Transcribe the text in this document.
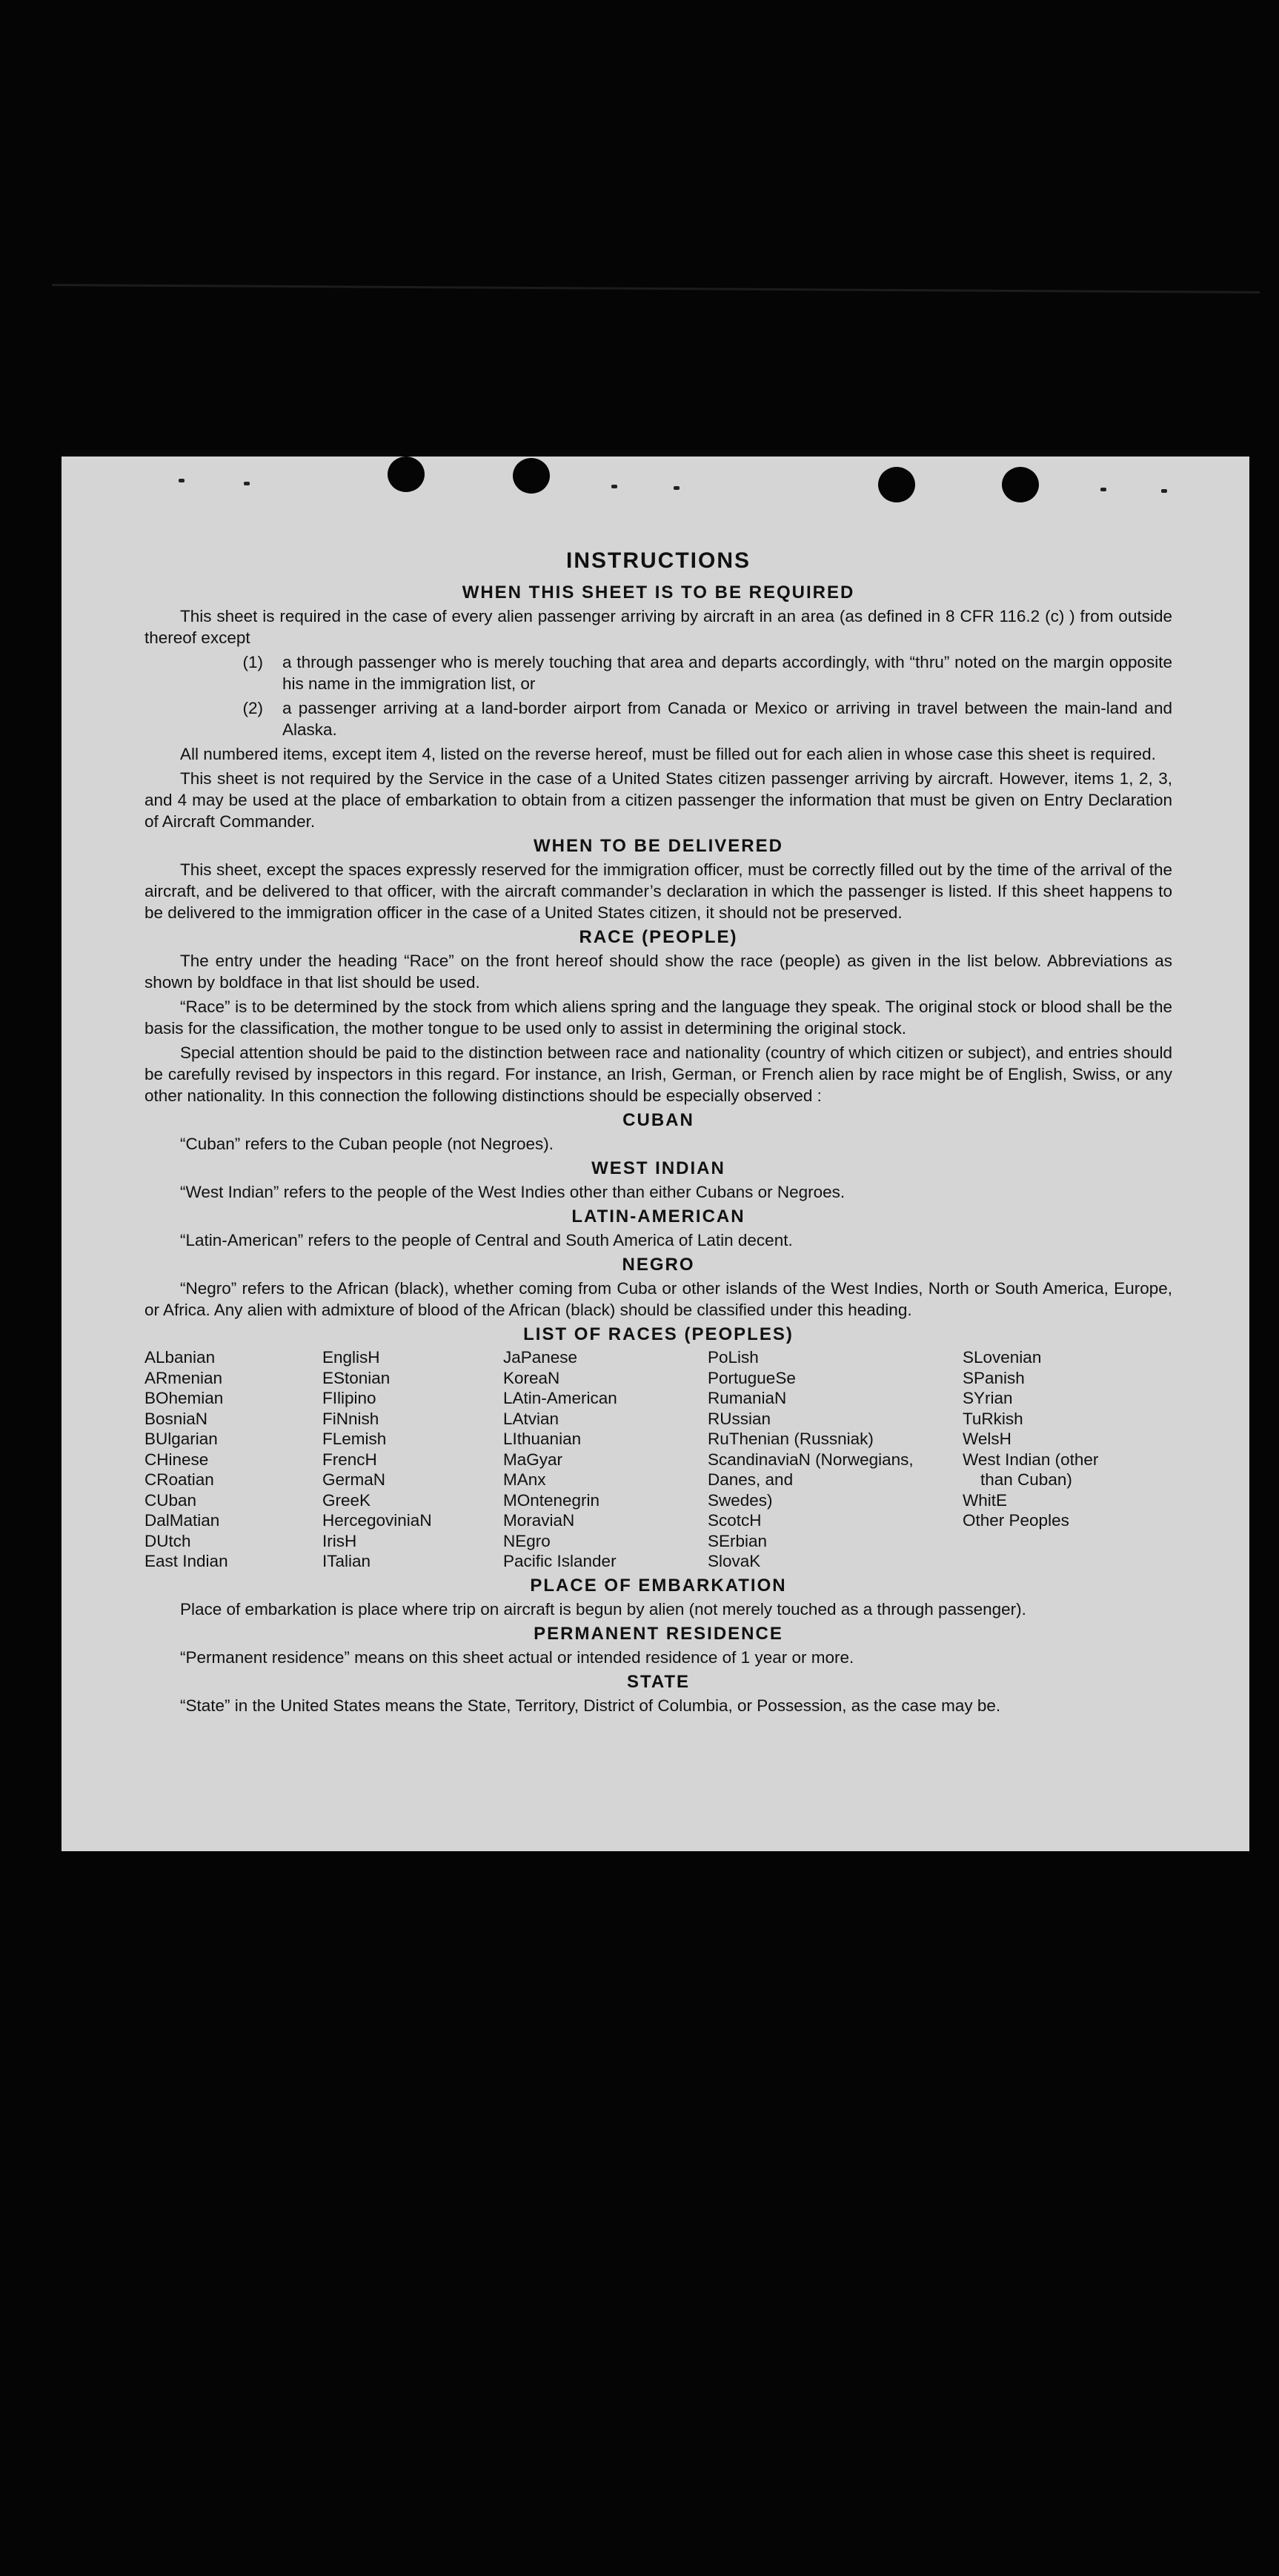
INSTRUCTIONS
WHEN THIS SHEET IS TO BE REQUIRED

This sheet is required in the case of every alien passenger arriving by aircraft in an area (as defined in 8 CFR 116.2 (c) ) from outside thereof except

(1)	a through passenger who is merely touching that area and departs accordingly, with “thru” noted on the margin opposite his name in the immigration list, or
(2)	a passenger arriving at a land-border airport from Canada or Mexico or arriving in travel between the main-land and Alaska.

All numbered items, except item 4, listed on the reverse hereof, must be filled out for each alien in whose case this sheet is required.

This sheet is not required by the Service in the case of a United States citizen passenger arriving by aircraft. However, items 1, 2, 3, and 4 may be used at the place of embarkation to obtain from a citizen passenger the information that must be given on Entry Declaration of Aircraft Commander.

WHEN TO BE DELIVERED

This sheet, except the spaces expressly reserved for the immigration officer, must be correctly filled out by the time of the arrival of the aircraft, and be delivered to that officer, with the aircraft commander’s declaration in which the passenger is listed. If this sheet happens to be delivered to the immigration officer in the case of a United States citizen, it should not be preserved.

RACE (PEOPLE)

The entry under the heading “Race” on the front hereof should show the race (people) as given in the list below. Abbreviations as shown by boldface in that list should be used.

“Race” is to be determined by the stock from which aliens spring and the language they speak. The original stock or blood shall be the basis for the classification, the mother tongue to be used only to assist in determining the original stock.

Special attention should be paid to the distinction between race and nationality (country of which citizen or subject), and entries should be carefully revised by inspectors in this regard. For instance, an Irish, German, or French alien by race might be of English, Swiss, or any other nationality. In this connection the following distinctions should be especially observed :

CUBAN

“Cuban” refers to the Cuban people (not Negroes).

WEST INDIAN

“West Indian” refers to the people of the West Indies other than either Cubans or Negroes.

LATIN-AMERICAN

“Latin-American” refers to the people of Central and South America of Latin decent.

NEGRO

“Negro” refers to the African (black), whether coming from Cuba or other islands of the West Indies, North or South America, Europe, or Africa. Any alien with admixture of blood of the African (black) should be classified under this heading.

LIST OF RACES (PEOPLES)
ALbanian
ARmenian
BOhemian
BosniaN
BUlgarian
CHinese
CRoatian
CUban
DalMatian
DUtch
East Indian
EnglisH
EStonian
FIlipino
FiNnish
FLemish
FrencH
GermaN
GreeK
HercegoviniaN
IrisH
ITalian
JaPanese
KoreaN
LAtin-American
LAtvian
LIthuanian
MaGyar
MAnx
MOntenegrin
MoraviaN
NEgro
Pacific Islander
PoLish
PortugueSe
RumaniaN
RUssian
RuThenian (Russniak)
ScandinaviaN (Norwegians,
Danes, and
Swedes)
ScotcH
SErbian
SlovaK
SLovenian
SPanish
SYrian
TuRkish
WelsH
West Indian (other
than Cuban)
WhitE
Other Peoples
PLACE OF EMBARKATION

Place of embarkation is place where trip on aircraft is begun by alien (not merely touched as a through passenger).

PERMANENT RESIDENCE

“Permanent residence” means on this sheet actual or intended residence of 1 year or more.

STATE

“State” in the United States means the State, Territory, District of Columbia, or Possession, as the case may be.
